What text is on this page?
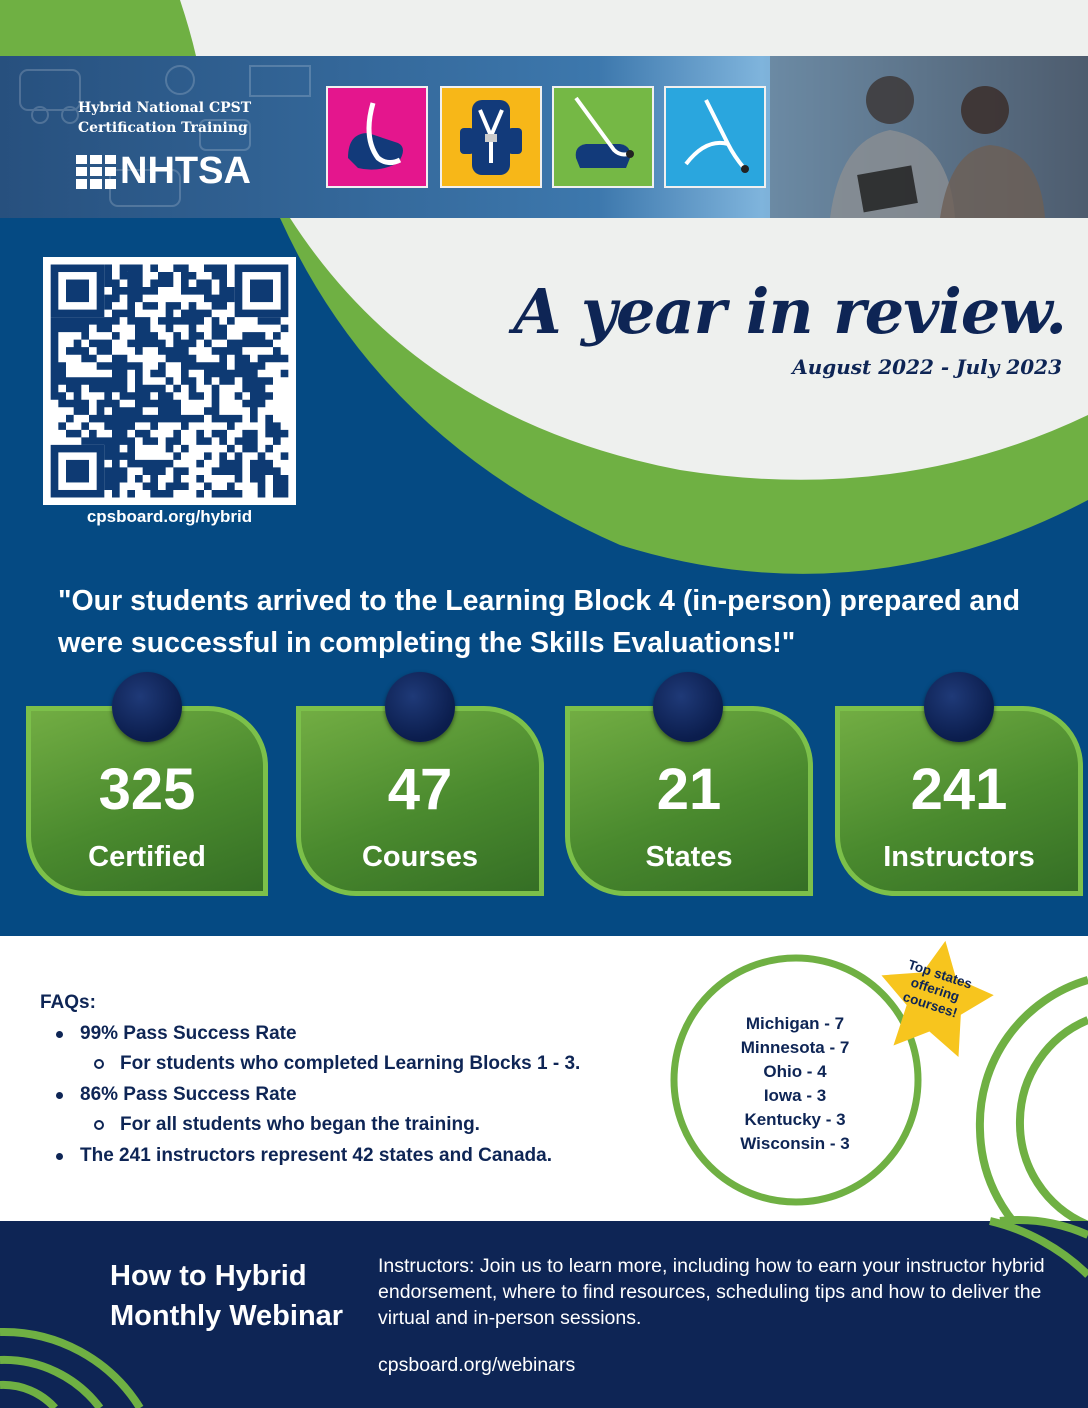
Hybrid National CPST Certification Training
NHTSA
cpsboard.org/hybrid
A year in review.
August 2022 - July 2023
"Our students arrived to the Learning Block 4 (in-person) prepared and were successful in completing the Skills Evaluations!"
325
Certified
47
Courses
21
States
241
Instructors
FAQs:
99% Pass Success Rate
For students who completed Learning Blocks 1 - 3.
86% Pass Success Rate
For all students who began the training.
The 241 instructors represent 42 states and Canada.
Michigan - 7
Minnesota - 7
Ohio - 4
Iowa - 3
Kentucky - 3
Wisconsin - 3
Top states offering courses!
How to Hybrid
Monthly Webinar
Instructors: Join us to learn more, including how to earn your instructor hybrid endorsement, where to find resources, scheduling tips and how to deliver the virtual and in-person sessions.
cpsboard.org/webinars
